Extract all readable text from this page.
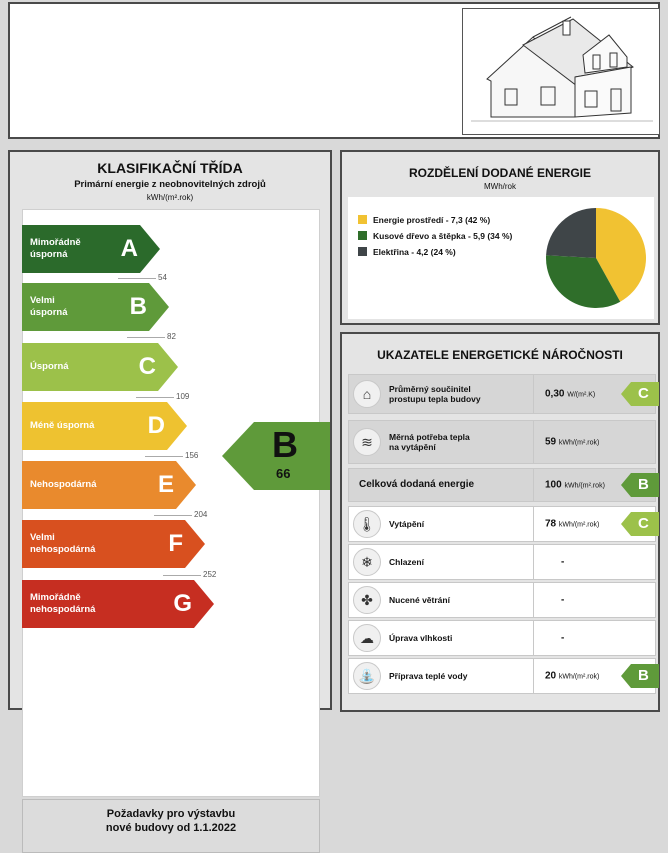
KLASIFIKAČNÍ TŘÍDA
Primární energie z neobnovitelných zdrojů
kWh/(m².rok)
B
66
Požadavky pro výstavbu
nové budovy od 1.1.2022
Mimořádně
úsporná	A
Velmi
úsporná	B
Úsporná	C
Méně úsporná D
Nehospodárná	E
Velmi
nehospodárná	F
Mimořádně
nehospodárná	G
54
82
109
156
204
252
ROZDĚLENÍ DODANÉ ENERGIE
MWh/rok
Energie prostředí - 7,3 (42 %)
Kusové dřevo a štěpka - 5,9 (34 %)
Elektřina - 4,2 (24 %)
UKAZATELE ENERGETICKÉ NÁROČNOSTI
⌂	Průměrný součinitel
prostupu tepla budovy	0,30 W/(m².K)	C
≋	Měrná potřeba tepla
na vytápění	59 kWh/(m².rok)
Celková dodaná energie	100 kWh/(m².rok) B
🌡	Vytápění	78 kWh/(m².rok)	C
❄	Chlazení	-
✤	Nucené větrání	-
☁	Úprava vlhkosti	-
⛲	Příprava teplé vody	20 kWh/(m².rok)	B
